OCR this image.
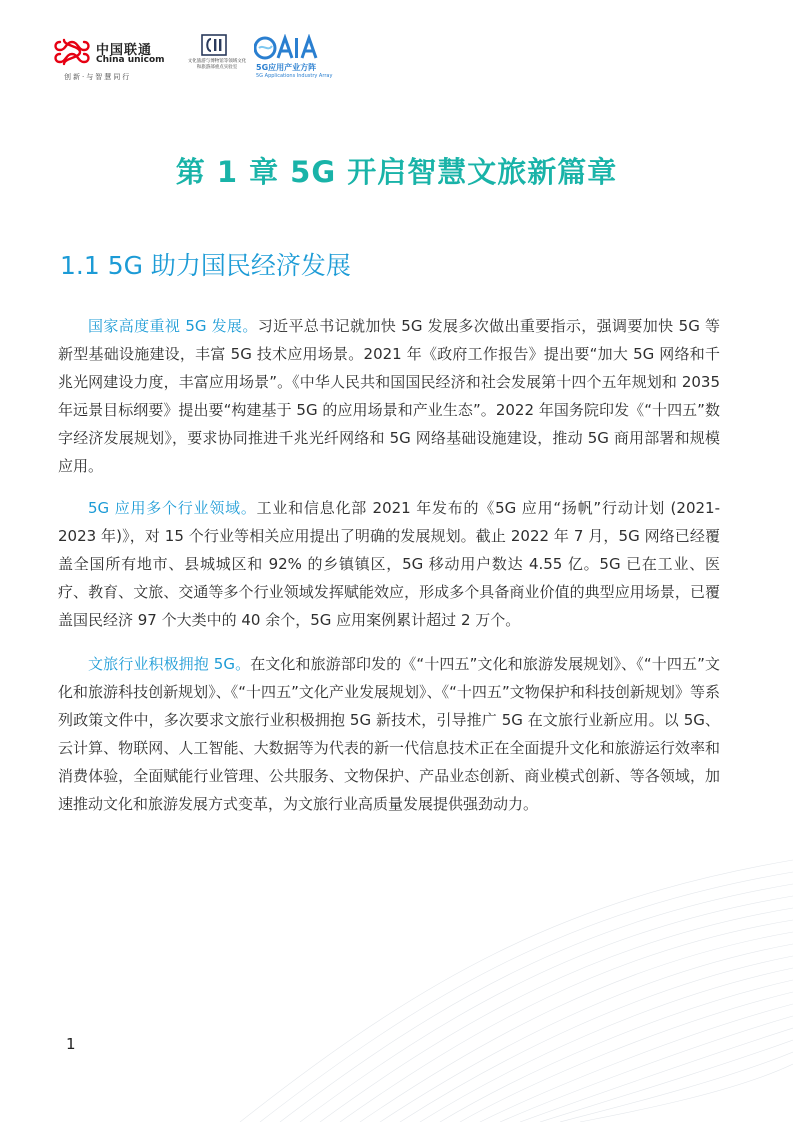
中国联通
China unicom
创新·与智慧同行
文化旅游与博物馆等领域文化和旅游部重点实验室	5G应用产业方阵
5G Applications Industry Array
第 1 章 5G 开启智慧文旅新篇章
1.1 5G 助力国民经济发展

国家高度重视 5G 发展。习近平总书记就加快 5G 发展多次做出重要指示，强调要加快 5G 等新型基础设施建设，丰富 5G 技术应用场景。2021 年《政府工作报告》提出要“加大 5G 网络和千兆光网建设力度，丰富应用场景”。《中华人民共和国国民经济和社会发展第十四个五年规划和 2035 年远景目标纲要》提出要“构建基于 5G 的应用场景和产业生态”。2022 年国务院印发《“十四五”数字经济发展规划》，要求协同推进千兆光纤网络和 5G 网络基础设施建设，推动 5G 商用部署和规模应用。

5G 应用多个行业领域。工业和信息化部 2021 年发布的《5G 应用“扬帆”行动计划 (2021-2023 年)》，对 15 个行业等相关应用提出了明确的发展规划。截止 2022 年 7 月，5G 网络已经覆盖全国所有地市、县城城区和 92% 的乡镇镇区，5G 移动用户数达 4.55 亿。5G 已在工业、医疗、教育、文旅、交通等多个行业领域发挥赋能效应，形成多个具备商业价值的典型应用场景，已覆盖国民经济 97 个大类中的 40 余个，5G 应用案例累计超过 2 万个。

文旅行业积极拥抱 5G。在文化和旅游部印发的《“十四五”文化和旅游发展规划》、《“十四五”文化和旅游科技创新规划》、《“十四五”文化产业发展规划》、《“十四五”文物保护和科技创新规划》等系列政策文件中，多次要求文旅行业积极拥抱 5G 新技术，引导推广 5G 在文旅行业新应用。以 5G、云计算、物联网、人工智能、大数据等为代表的新一代信息技术正在全面提升文化和旅游运行效率和消费体验，全面赋能行业管理、公共服务、文物保护、产品业态创新、商业模式创新、等各领域，加速推动文化和旅游发展方式变革，为文旅行业高质量发展提供强劲动力。

1
